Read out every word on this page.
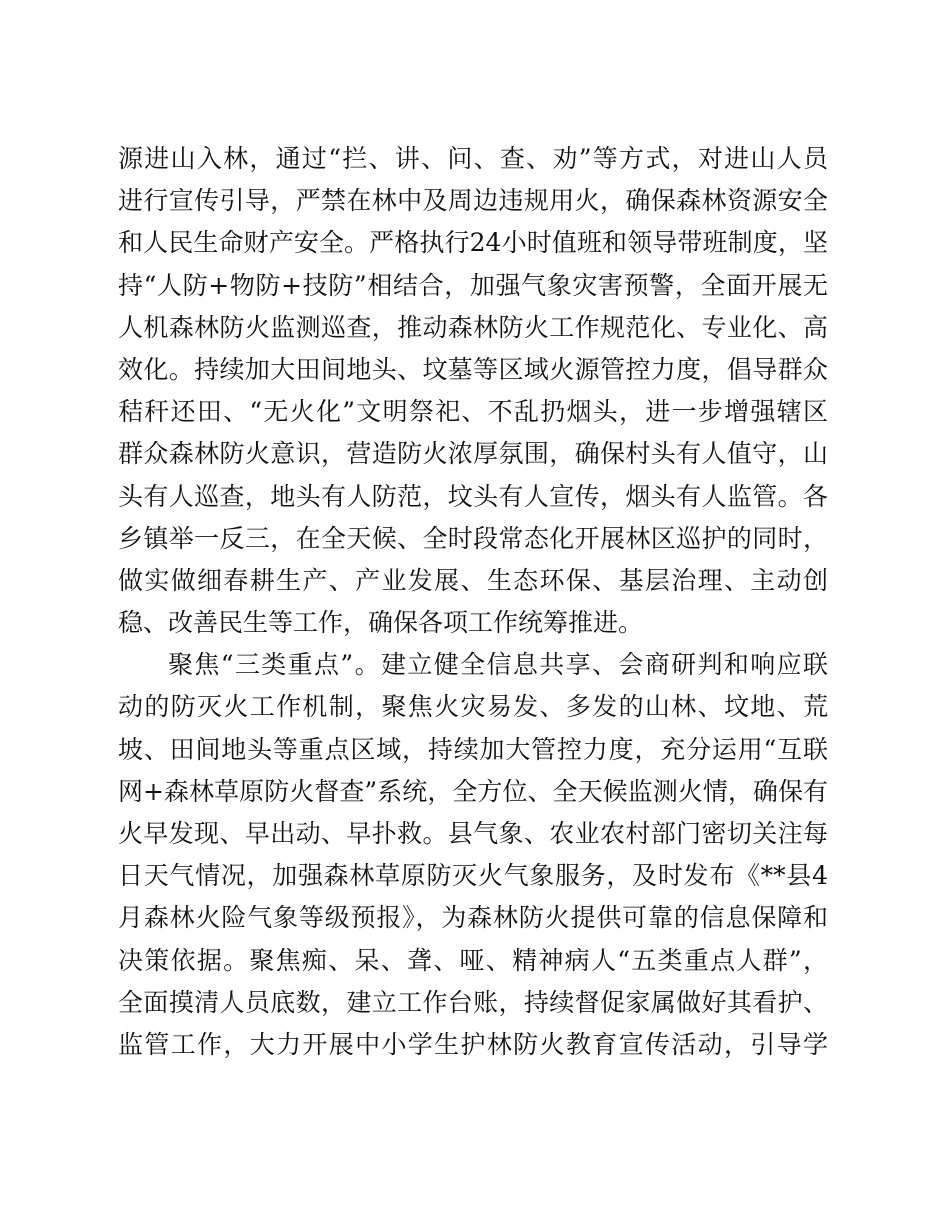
源进山入林，通过“拦、讲、问、查、劝”等方式，对进山人员
进行宣传引导，严禁在林中及周边违规用火，确保森林资源安全
和人民生命财产安全。严格执行24小时值班和领导带班制度，坚
持“人防+物防+技防”相结合，加强气象灾害预警，全面开展无
人机森林防火监测巡查，推动森林防火工作规范化、专业化、高
效化。持续加大田间地头、坟墓等区域火源管控力度，倡导群众
秸秆还田、“无火化”文明祭祀、不乱扔烟头，进一步增强辖区
群众森林防火意识，营造防火浓厚氛围，确保村头有人值守，山
头有人巡查，地头有人防范，坟头有人宣传，烟头有人监管。各
乡镇举一反三，在全天候、全时段常态化开展林区巡护的同时，
做实做细春耕生产、产业发展、生态环保、基层治理、主动创
稳、改善民生等工作，确保各项工作统筹推进。
聚焦“三类重点”。建立健全信息共享、会商研判和响应联
动的防灭火工作机制，聚焦火灾易发、多发的山林、坟地、荒
坡、田间地头等重点区域，持续加大管控力度，充分运用“互联
网+森林草原防火督查”系统，全方位、全天候监测火情，确保有
火早发现、早出动、早扑救。县气象、农业农村部门密切关注每
日天气情况，加强森林草原防灭火气象服务，及时发布《**县4
月森林火险气象等级预报》，为森林防火提供可靠的信息保障和
决策依据。聚焦痴、呆、聋、哑、精神病人“五类重点人群”，
全面摸清人员底数，建立工作台账，持续督促家属做好其看护、
监管工作，大力开展中小学生护林防火教育宣传活动，引导学
